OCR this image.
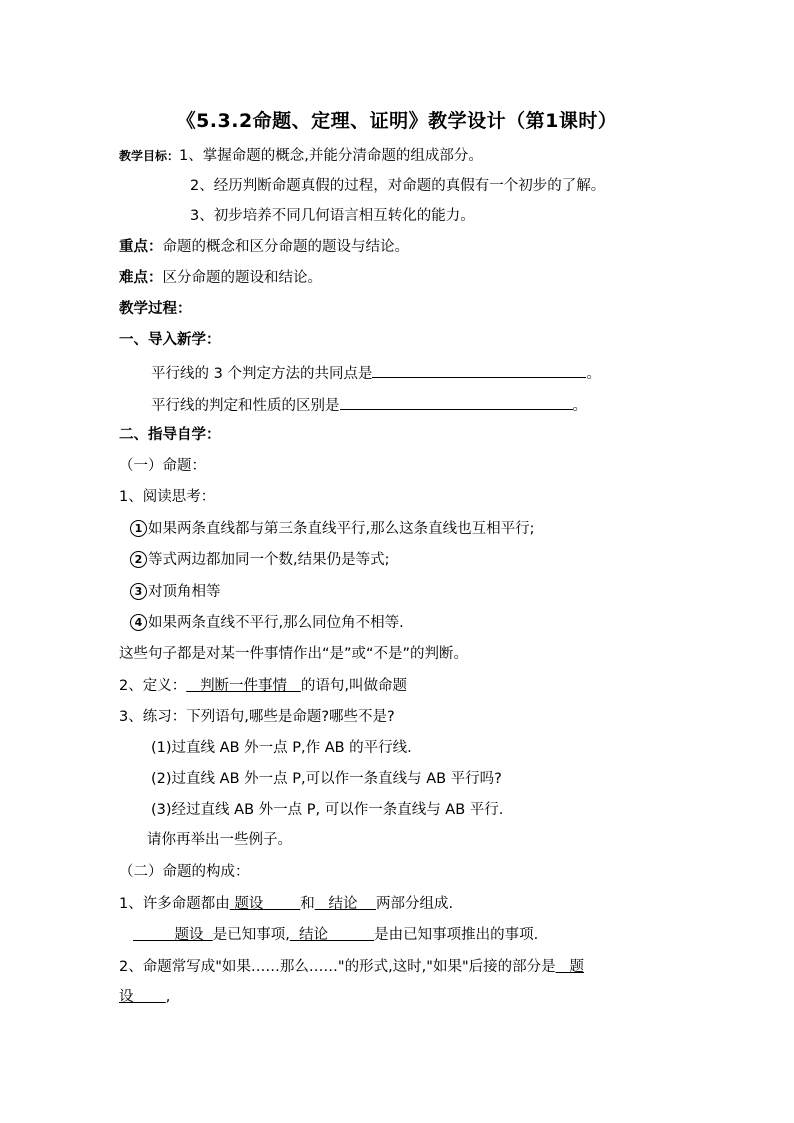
《5.3.2命题、定理、证明》教学设计（第1课时）
教学目标：1、掌握命题的概念,并能分清命题的组成部分。
2、经历判断命题真假的过程，对命题的真假有一个初步的了解。
3、初步培养不同几何语言相互转化的能力。
重点：命题的概念和区分命题的题设与结论。
难点：区分命题的题设和结论。
教学过程：
一、导入新学：
平行线的 3 个判定方法的共同点是	。
平行线的判定和性质的区别是	。
二、指导自学：
（一）命题：
1、阅读思考：
1 如果两条直线都与第三条直线平行,那么这条直线也互相平行;
2 等式两边都加同一个数,结果仍是等式;
3 对顶角相等
4 如果两条直线不平行,那么同位角不相等.
这些句子都是对某一件事情作出“是”或“不是”的判断。
2、定义： 判断一件事情 的语句,叫做命题
3、练习：下列语句,哪些是命题?哪些不是?
(1)过直线 AB 外一点 P,作 AB 的平行线.
(2)过直线 AB 外一点 P,可以作一条直线与 AB 平行吗?
(3)经过直线 AB 外一点 P, 可以作一条直线与 AB 平行.
请你再举出一些例子。
（二）命题的构成：
1、许多命题都由 题设	和 结论 两部分组成.
题设 是已知事项, 结论	是由已知事项推出的事项.
2、命题常写成"如果……那么……"的形式,这时,"如果"后接的部分是 题
设 ,
